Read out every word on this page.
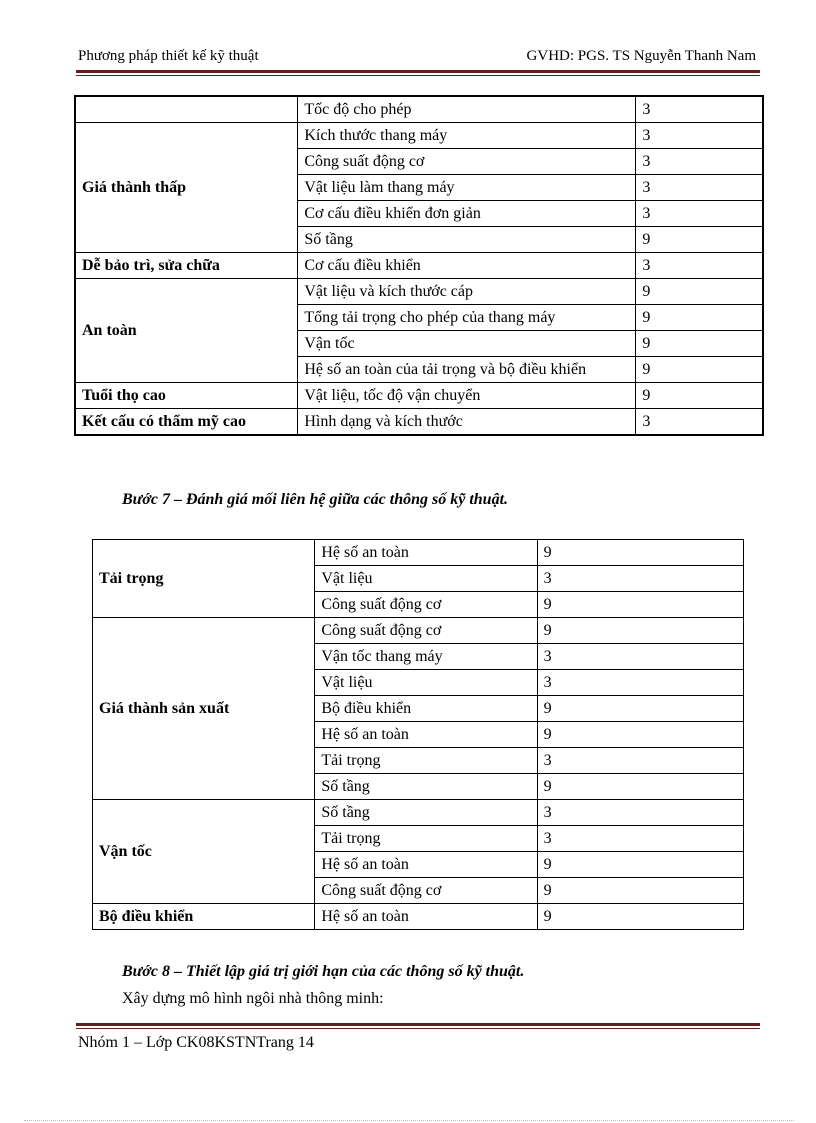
Phương pháp thiết kế kỹ thuật	GVHD: PGS. TS Nguyễn Thanh Nam
	Tốc độ cho phép	3
Giá thành thấp	Kích thước thang máy	3
	Công suất động cơ	3
	Vật liệu làm thang máy	3
	Cơ cấu điều khiển đơn giản	3
	Số tầng	9
Dễ bảo trì, sửa chữa	Cơ cấu điều khiển	3
An toàn	Vật liệu và kích thước cáp	9
	Tổng tải trọng cho phép của thang máy	9
	Vận tốc	9
	Hệ số an toàn của tải trọng và bộ điều khiển	9
Tuổi thọ cao	Vật liệu, tốc độ vận chuyển	9
Kết cấu có thẩm mỹ cao	Hình dạng và kích thước	3
Bước 7 – Đánh giá mối liên hệ giữa các thông số kỹ thuật.
Tải trọng	Hệ số an toàn	9
	Vật liệu	3
	Công suất động cơ	9
Giá thành sản xuất	Công suất động cơ	9
	Vận tốc thang máy	3
	Vật liệu	3
	Bộ điều khiển	9
	Hệ số an toàn	9
	Tải trọng	3
	Số tầng	9
Vận tốc	Số tầng	3
	Tải trọng	3
	Hệ số an toàn	9
	Công suất động cơ	9
Bộ điều khiển	Hệ số an toàn	9
Bước 8 – Thiết lập giá trị giới hạn của các thông số kỹ thuật.
Xây dựng mô hình ngôi nhà thông minh:
Nhóm 1 – Lớp CK08KSTNTrang 14
